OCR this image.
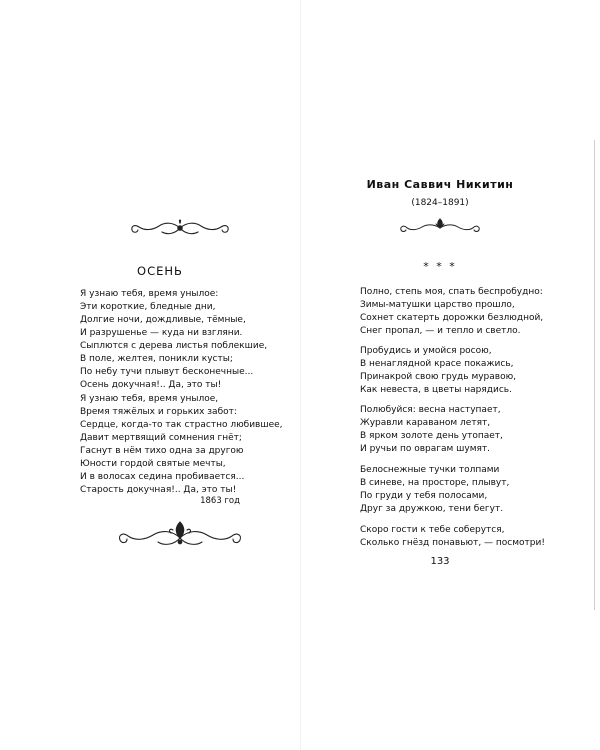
ОСЕНЬ
Я узнаю тебя, время унылое:
Эти короткие, бледные дни,
Долгие ночи, дождливые, тёмные,
И разрушенье — куда ни взгляни.
Сыплются с дерева листья поблекшие,
В поле, желтея, поникли кусты;
По небу тучи плывут бесконечные...
Осень докучная!.. Да, это ты!
Я узнаю тебя, время унылое,
Время тяжёлых и горьких забот:
Сердце, когда-то так страстно любившее,
Давит мертвящий сомнения гнёт;
Гаснут в нём тихо одна за другою
Юности гордой святые мечты,
И в волосах седина пробивается...
Старость докучная!.. Да, это ты!
1863 год
Иван Саввич Никитин
(1824–1891)
* * *
Полно, степь моя, спать беспробудно:
Зимы-матушки царство прошло,
Сохнет скатерть дорожки безлюдной,
Снег пропал, — и тепло и светло.
Пробудись и умойся росою,
В ненаглядной красе покажись,
Принакрой свою грудь муравою,
Как невеста, в цветы нарядись.
Полюбуйся: весна наступает,
Журавли караваном летят,
В ярком золоте день утопает,
И ручьи по оврагам шумят.
Белоснежные тучки толпами
В синеве, на просторе, плывут,
По груди у тебя полосами,
Друг за дружкою, тени бегут.
Скоро гости к тебе соберутся,
Сколько гнёзд понавьют, — посмотри!
133
